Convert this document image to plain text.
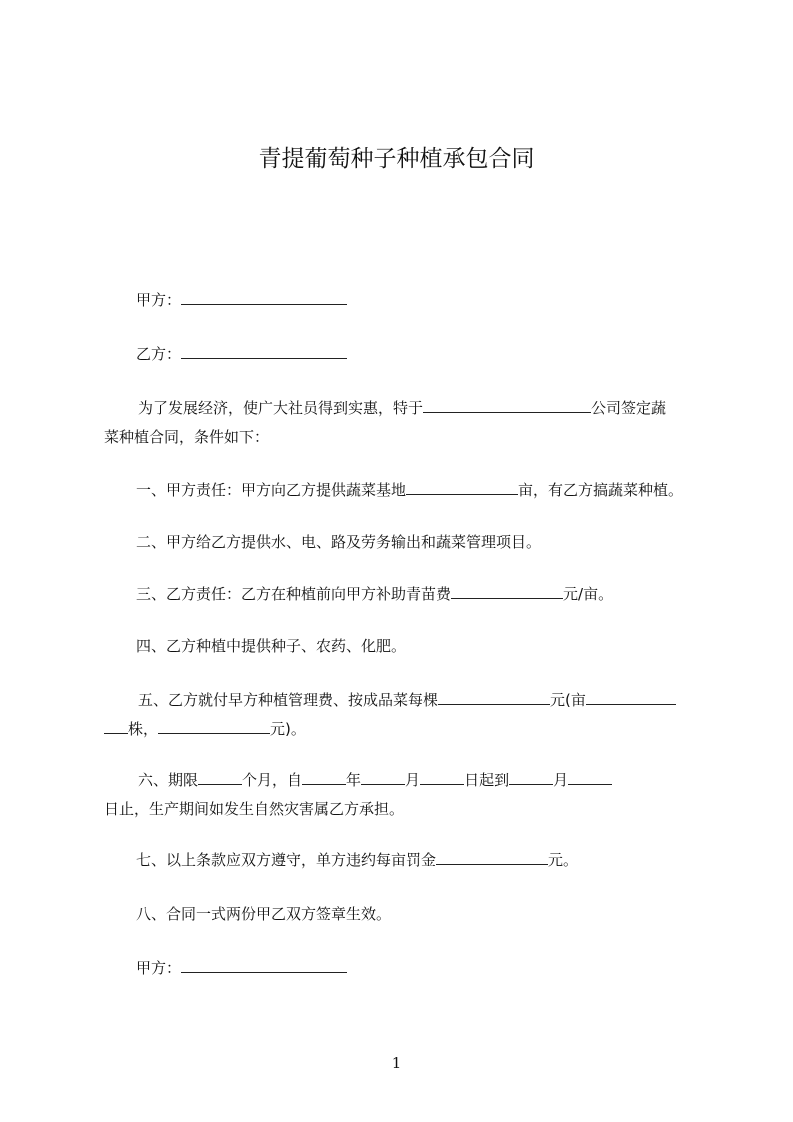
青提葡萄种子种植承包合同
甲方：
乙方：
为了发展经济，使广大社员得到实惠，特于	公司签定蔬
菜种植合同，条件如下：
一、甲方责任：甲方向乙方提供蔬菜基地	亩，有乙方搞蔬菜种植。
二、甲方给乙方提供水、电、路及劳务输出和蔬菜管理项目。
三、乙方责任：乙方在种植前向甲方补助青苗费	元/亩。
四、乙方种植中提供种子、农药、化肥。
五、乙方就付早方种植管理费、按成品菜每棵	元(亩
株，	元)。
六、期限	个月，自	年	月	日起到	月
日止，生产期间如发生自然灾害属乙方承担。
七、以上条款应双方遵守，单方违约每亩罚金	元。
八、合同一式两份甲乙双方签章生效。
甲方：
1
